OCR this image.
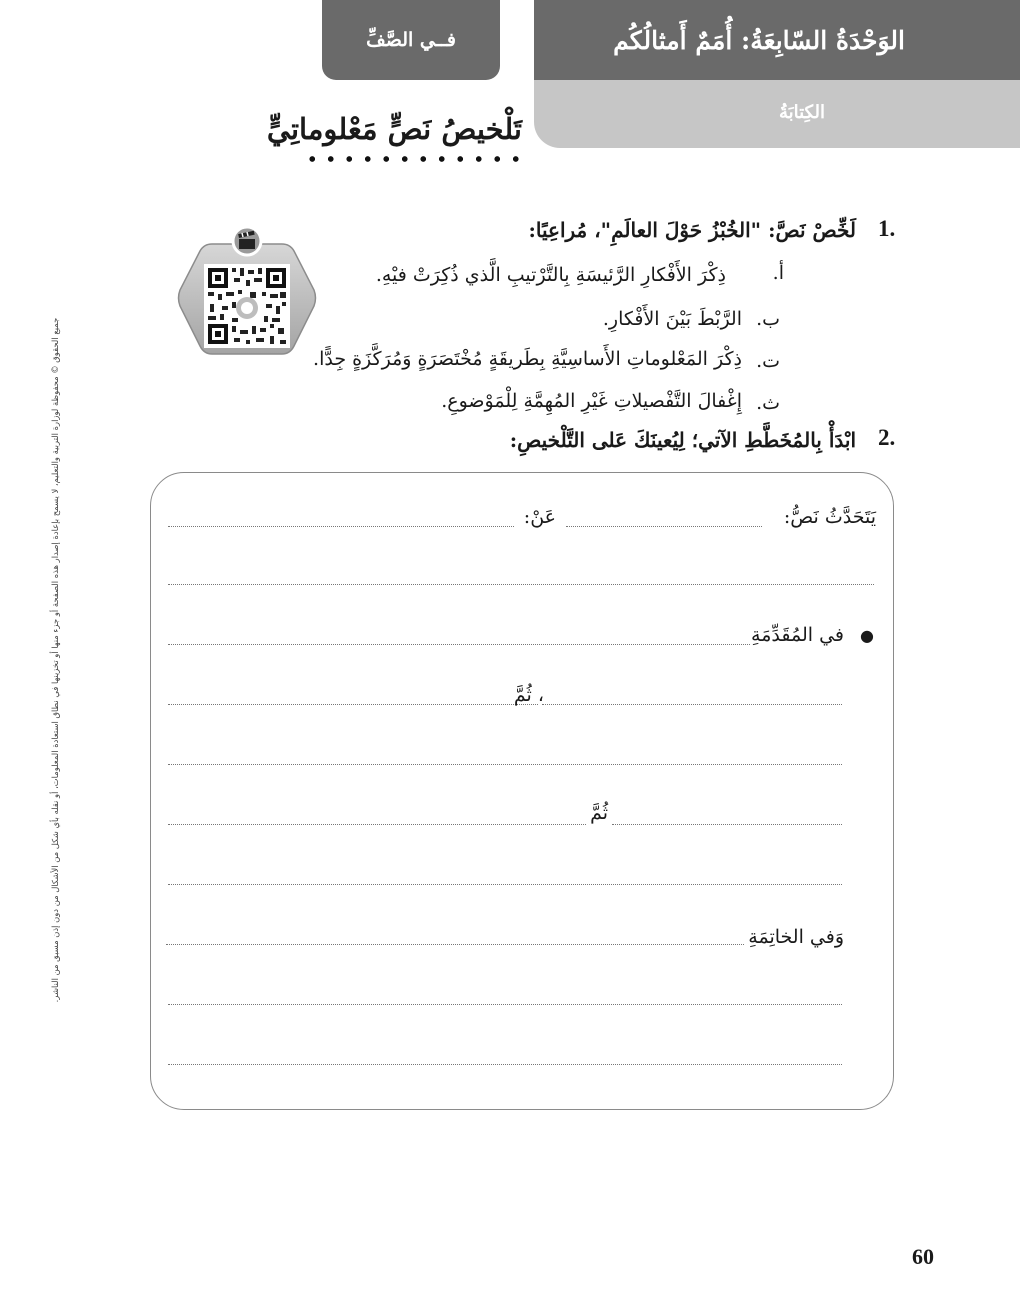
الوَحْدَةُ السّابِعَةُ: أُمَمٌ أَمثالُكُم
الكِتابَةُ
فــي الصَّفِّ
تَلْخيصُ نَصٍّ مَعْلوماتِيٍّ
جميع الحقوق © محفوظة لوزارة التربية والتعليم، لا يسمح بإعادة إصدار هذه الصفحة أو جزء منها أو تخزينها في نطاق استعادة المعلومات، أو نقله بأي شكل من الأشكال من دون إذن مسبق من الناشر.
1.
لَخِّصْ نَصَّ: "الخُبْزُ حَوْلَ العالَمِ"، مُراعِيًا:
أ.
ذِكْرَ الأَفْكارِ الرَّئيسَةِ بِالتَّرْتيبِ الَّذي ذُكِرَتْ فيْهِ.
ب.
الرَّبْطَ بَيْنَ الأَفْكارِ.
ت.
ذِكْرَ المَعْلوماتِ الأَساسِيَّةِ بِطَريقَةٍ مُخْتَصَرَةٍ وَمُرَكَّزَةٍ جِدًّا.
ث.
إِغْفالَ التَّفْصيلاتِ غَيْرِ المُهِمَّةِ لِلْمَوْضوعِ.
2.
ابْدَأْ بِالمُخَطَّطِ الآتي؛ لِيُعينَكَ عَلى التَّلْخيصِ:
يَتَحَدَّثُ نَصُّ:
عَنْ:
●
في المُقَدِّمَةِ
، ثُمَّ
ثُمَّ
وَفي الخاتِمَةِ
60
